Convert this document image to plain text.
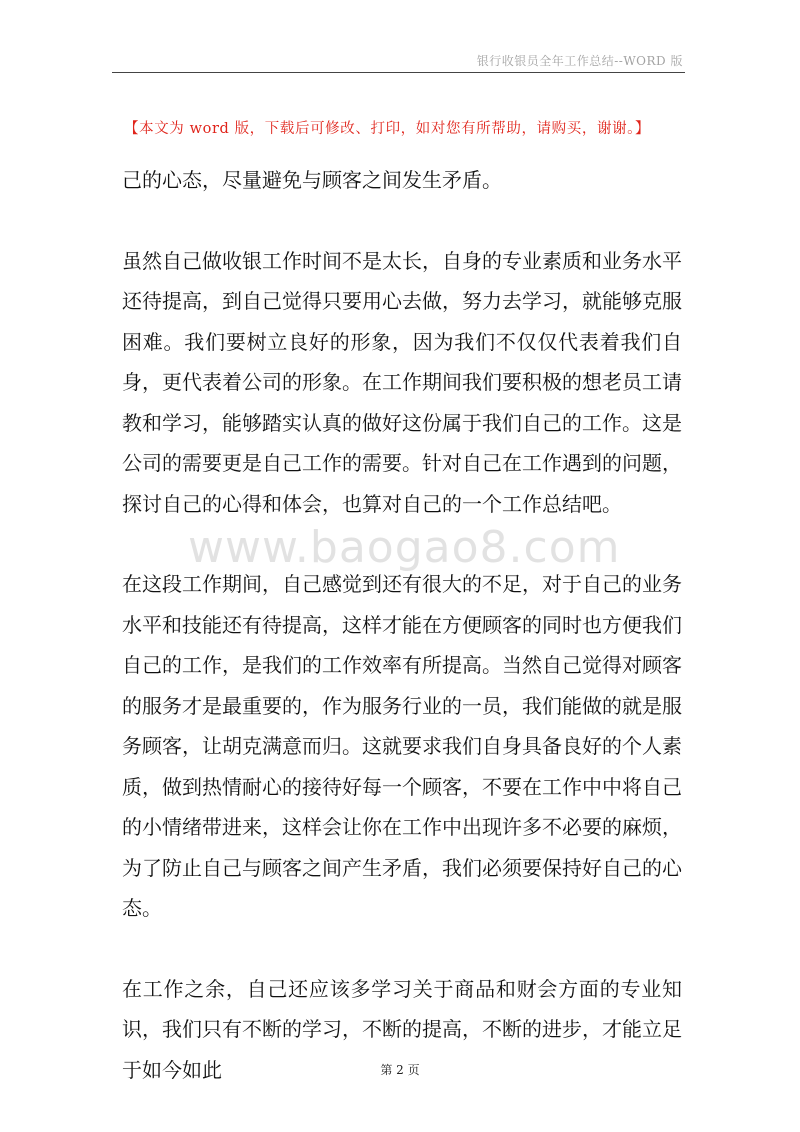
银行收银员全年工作总结--WORD 版
【本文为 word 版，下载后可修改、打印，如对您有所帮助，请购买，谢谢。】

己的心态，尽量避免与顾客之间发生矛盾。

虽然自己做收银工作时间不是太长，自身的专业素质和业务水平还待提高，到自己觉得只要用心去做，努力去学习，就能够克服困难。我们要树立良好的形象，因为我们不仅仅代表着我们自身，更代表着公司的形象。在工作期间我们要积极的想老员工请教和学习，能够踏实认真的做好这份属于我们自己的工作。这是公司的需要更是自己工作的需要。针对自己在工作遇到的问题，探讨自己的心得和体会，也算对自己的一个工作总结吧。

在这段工作期间，自己感觉到还有很大的不足，对于自己的业务水平和技能还有待提高，这样才能在方便顾客的同时也方便我们自己的工作，是我们的工作效率有所提高。当然自己觉得对顾客的服务才是最重要的，作为服务行业的一员，我们能做的就是服务顾客，让胡克满意而归。这就要求我们自身具备良好的个人素质，做到热情耐心的接待好每一个顾客，不要在工作中中将自己的小情绪带进来，这样会让你在工作中出现许多不必要的麻烦，为了防止自己与顾客之间产生矛盾，我们必须要保持好自己的心态。

在工作之余，自己还应该多学习关于商品和财会方面的专业知识，我们只有不断的学习，不断的提高，不断的进步，才能立足于如今如此

www.baogao8.com
第 2 页
